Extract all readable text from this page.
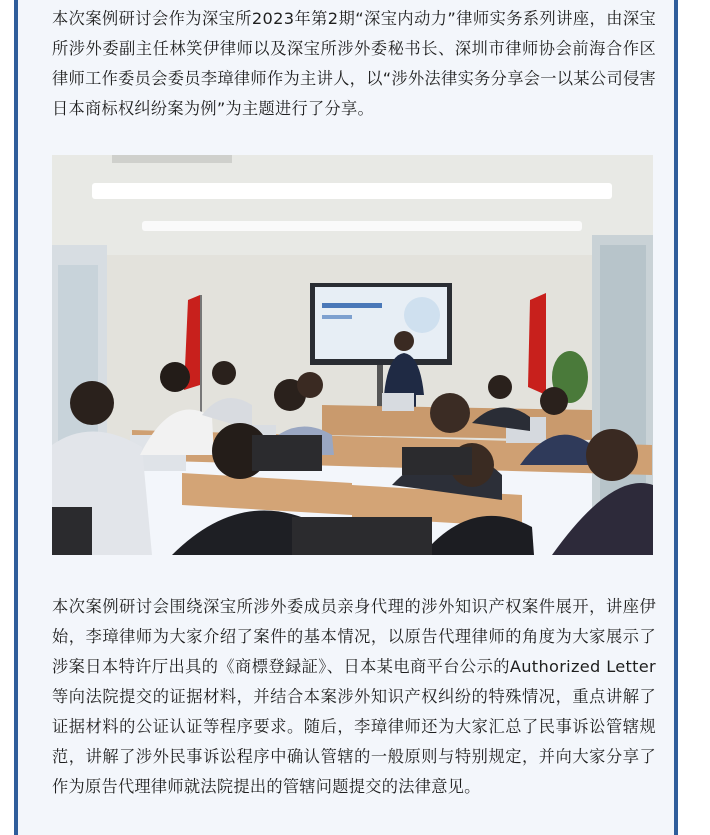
本次案例研讨会作为深宝所2023年第2期“深宝内动力”律师实务系列讲座，由深宝所涉外委副主任林笑伊律师以及深宝所涉外委秘书长、深圳市律师协会前海合作区律师工作委员会委员李璋律师作为主讲人，以“涉外法律实务分享会一以某公司侵害日本商标权纠纷案为例”为主题进行了分享。

本次案例研讨会围绕深宝所涉外委成员亲身代理的涉外知识产权案件展开，讲座伊始，李璋律师为大家介绍了案件的基本情况，以原告代理律师的角度为大家展示了涉案日本特许厅出具的《商標登録証》、日本某电商平台公示的Authorized Letter等向法院提交的证据材料，并结合本案涉外知识产权纠纷的特殊情况，重点讲解了证据材料的公证认证等程序要求。随后，李璋律师还为大家汇总了民事诉讼管辖规范，讲解了涉外民事诉讼程序中确认管辖的一般原则与特别规定，并向大家分享了作为原告代理律师就法院提出的管辖问题提交的法律意见。
